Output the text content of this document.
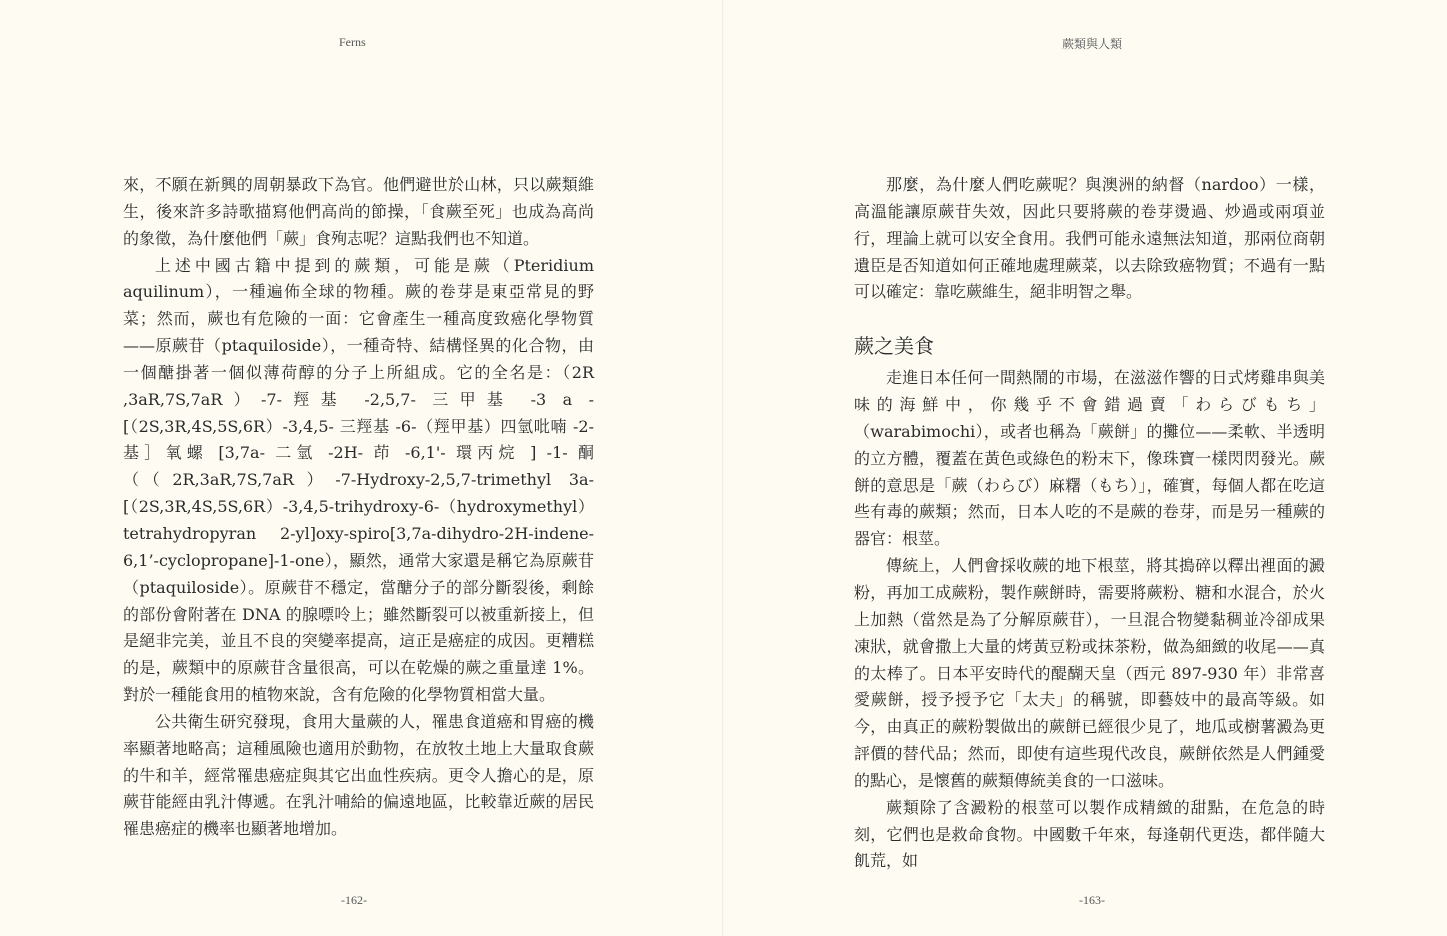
Ferns

來，不願在新興的周朝暴政下為官。他們避世於山林，只以蕨類維生，後來許多詩歌描寫他們高尚的節操，「食蕨至死」也成為高尚的象徵，為什麼他們「蕨」食殉志呢？這點我們也不知道。

上述中國古籍中提到的蕨類，可能是蕨（Pteridium aquilinum），一種遍佈全球的物種。蕨的卷芽是東亞常見的野菜；然而，蕨也有危險的一面：它會產生一種高度致癌化學物質——原蕨苷（ptaquiloside），一種奇特、結構怪異的化合物，由一個醣掛著一個似薄荷醇的分子上所組成。它的全名是：（2R ,3aR,7S,7aR）-7-羥基 -2,5,7- 三甲基 -3 a -[（2S,3R,4S,5S,6R）-3,4,5- 三羥基 -6-（羥甲基）四氫吡喃 -2- 基］氧螺 [3,7a- 二氫 -2H- 茚 -6,1'- 環丙烷 ] -1- 酮（（2R,3aR,7S,7aR）-7-Hydroxy-2,5,7-trimethyl 3a-[（2S,3R,4S,5S,6R）-3,4,5-trihydroxy-6-（hydroxymethyl）tetrahydropyran 2-yl]oxy-spiro[3,7a-dihydro-2H-indene-6,1’-cyclopropane]-1-one），顯然，通常大家還是稱它為原蕨苷（ptaquiloside）。原蕨苷不穩定，當醣分子的部分斷裂後，剩餘的部份會附著在 DNA 的腺嘌呤上；雖然斷裂可以被重新接上，但是絕非完美，並且不良的突變率提高，這正是癌症的成因。更糟糕的是，蕨類中的原蕨苷含量很高，可以在乾燥的蕨之重量達 1%。對於一種能食用的植物來說，含有危險的化學物質相當大量。

公共衛生研究發現，食用大量蕨的人，罹患食道癌和胃癌的機率顯著地略高；這種風險也適用於動物，在放牧土地上大量取食蕨的牛和羊，經常罹患癌症與其它出血性疾病。更令人擔心的是，原蕨苷能經由乳汁傳遞。在乳汁哺給的偏遠地區，比較靠近蕨的居民罹患癌症的機率也顯著地增加。

-162-
蕨類與人類

那麼，為什麼人們吃蕨呢？與澳洲的納督（nardoo）一樣，高溫能讓原蕨苷失效，因此只要將蕨的卷芽燙過、炒過或兩項並行，理論上就可以安全食用。我們可能永遠無法知道，那兩位商朝遺臣是否知道如何正確地處理蕨菜，以去除致癌物質；不過有一點可以確定：靠吃蕨維生，絕非明智之舉。

蕨之美食

走進日本任何一間熱鬧的市場，在滋滋作響的日式烤雞串與美味的海鮮中，你幾乎不會錯過賣「わらびもち」（warabimochi），或者也稱為「蕨餅」的攤位——柔軟、半透明的立方體，覆蓋在黃色或綠色的粉末下，像珠寶一樣閃閃發光。蕨餅的意思是「蕨（わらび）麻糬（もち）」，確實，每個人都在吃這些有毒的蕨類；然而，日本人吃的不是蕨的卷芽，而是另一種蕨的器官：根莖。

傳統上，人們會採收蕨的地下根莖，將其搗碎以釋出裡面的澱粉，再加工成蕨粉，製作蕨餅時，需要將蕨粉、糖和水混合，於火上加熱（當然是為了分解原蕨苷），一旦混合物變黏稠並冷卻成果凍狀，就會撒上大量的烤黃豆粉或抹茶粉，做為細緻的收尾——真的太棒了。日本平安時代的醍醐天皇（西元 897-930 年）非常喜愛蕨餅，授予授予它「太夫」的稱號，即藝妓中的最高等級。如今，由真正的蕨粉製做出的蕨餅已經很少見了，地瓜或樹薯澱為更評價的替代品；然而，即使有這些現代改良，蕨餅依然是人們鍾愛的點心，是懷舊的蕨類傳統美食的一口滋味。

蕨類除了含澱粉的根莖可以製作成精緻的甜點，在危急的時刻，它們也是救命食物。中國數千年來，每逢朝代更迭，都伴隨大飢荒，如

-163-
